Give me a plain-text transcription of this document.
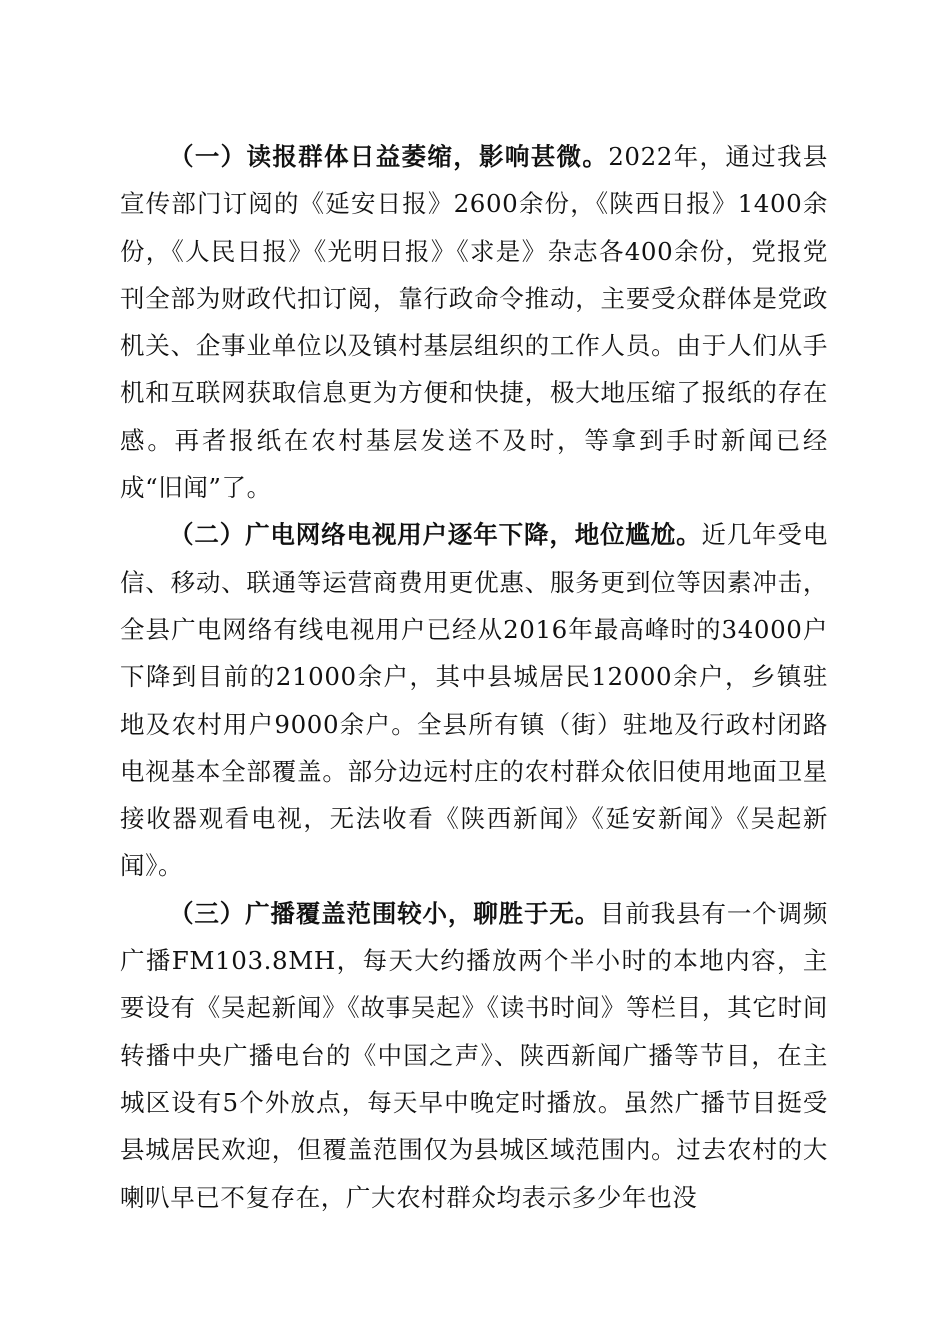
（一）读报群体日益萎缩，影响甚微。2022年，通过我县宣传部门订阅的《延安日报》2600余份，《陕西日报》1400余份，《人民日报》《光明日报》《求是》杂志各400余份，党报党刊全部为财政代扣订阅，靠行政命令推动，主要受众群体是党政机关、企事业单位以及镇村基层组织的工作人员。由于人们从手机和互联网获取信息更为方便和快捷，极大地压缩了报纸的存在感。再者报纸在农村基层发送不及时，等拿到手时新闻已经成“旧闻”了。

（二）广电网络电视用户逐年下降，地位尴尬。近几年受电信、移动、联通等运营商费用更优惠、服务更到位等因素冲击，全县广电网络有线电视用户已经从2016年最高峰时的34000户下降到目前的21000余户，其中县城居民12000余户，乡镇驻地及农村用户9000余户。全县所有镇（街）驻地及行政村闭路电视基本全部覆盖。部分边远村庄的农村群众依旧使用地面卫星接收器观看电视，无法收看《陕西新闻》《延安新闻》《吴起新闻》。

（三）广播覆盖范围较小，聊胜于无。目前我县有一个调频广播FM103.8MH，每天大约播放两个半小时的本地内容，主要设有《吴起新闻》《故事吴起》《读书时间》等栏目，其它时间转播中央广播电台的《中国之声》、陕西新闻广播等节目，在主城区设有5个外放点，每天早中晚定时播放。虽然广播节目挺受县城居民欢迎，但覆盖范围仅为县城区域范围内。过去农村的大喇叭早已不复存在，广大农村群众均表示多少年也没
